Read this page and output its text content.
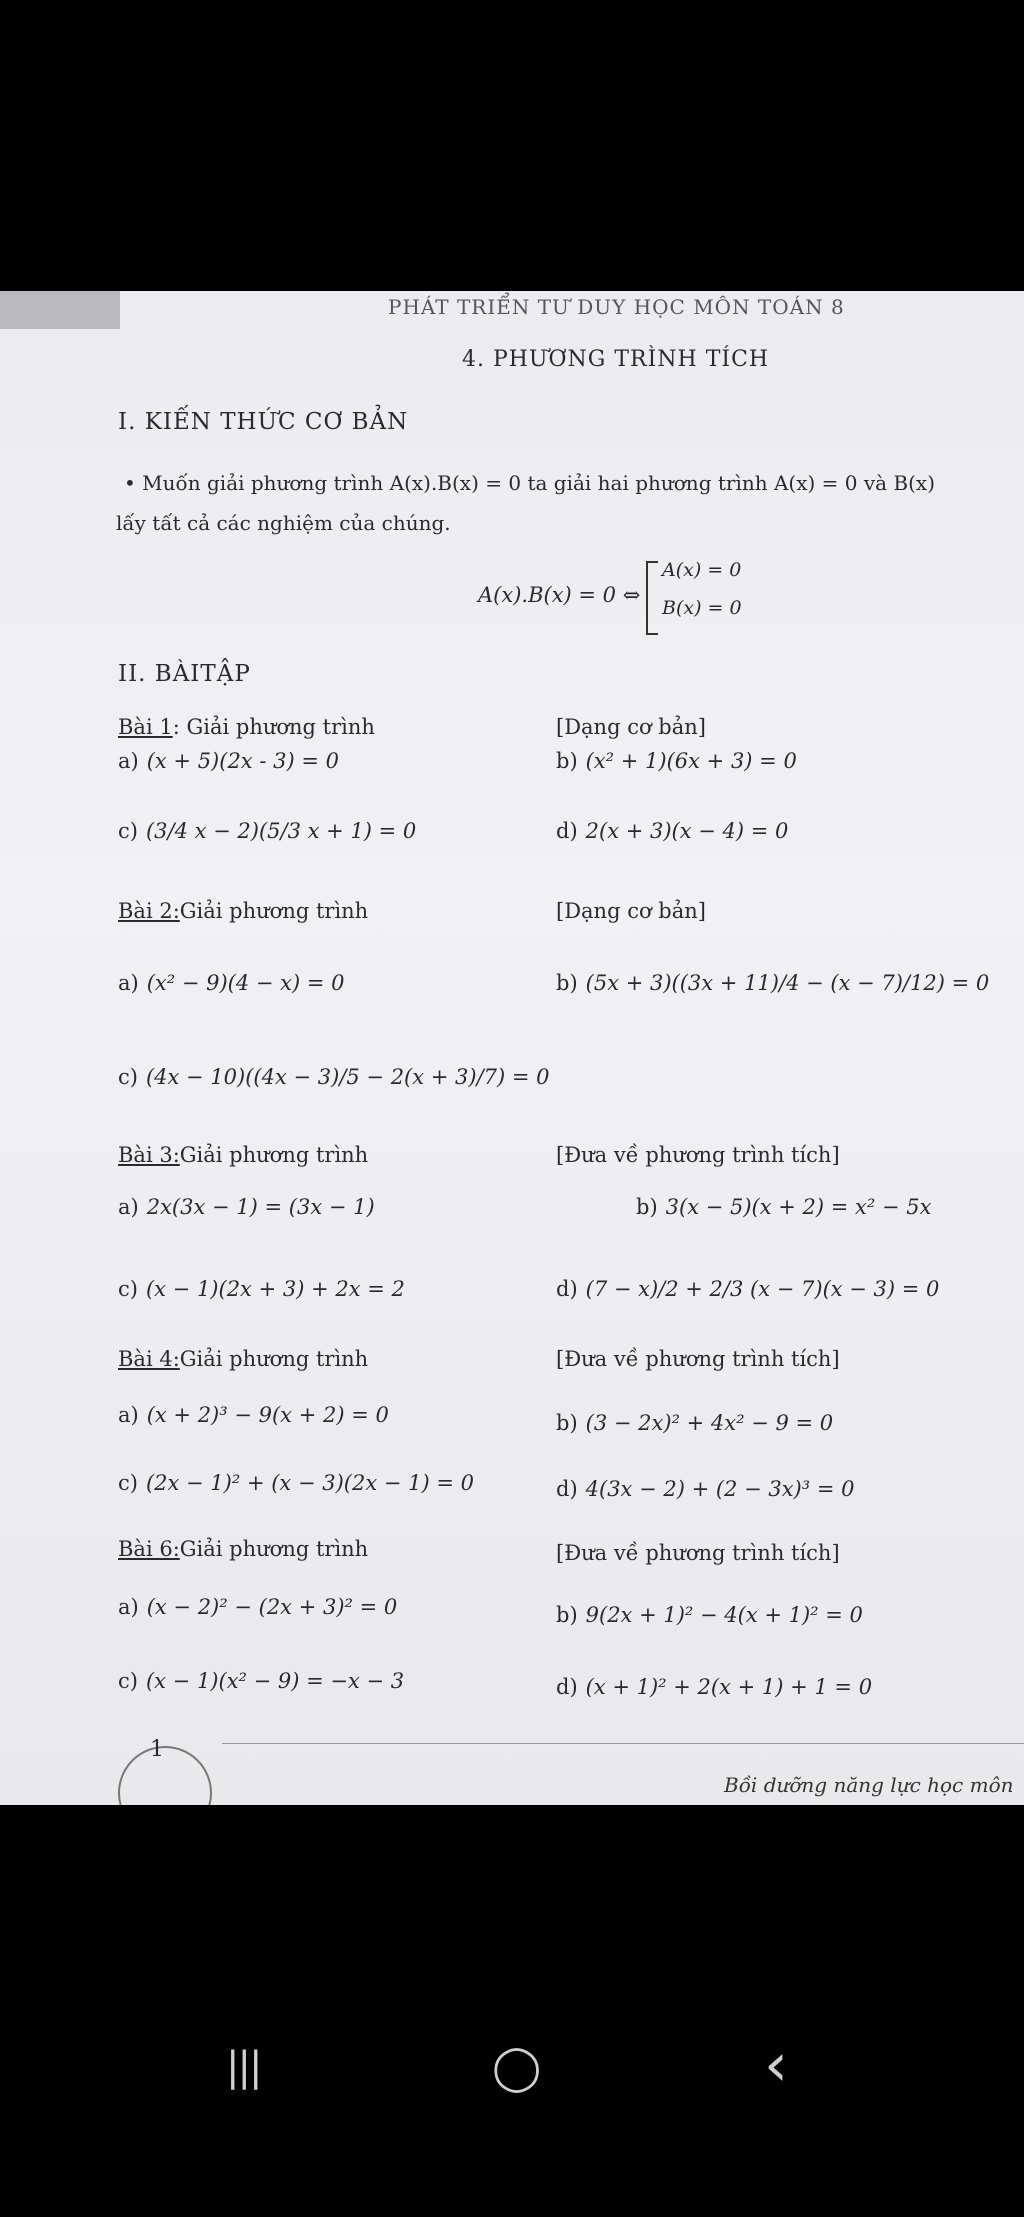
PHÁT TRIỂN TƯ DUY HỌC MÔN TOÁN 8
4. PHƯƠNG TRÌNH TÍCH
I. KIẾN THỨC CƠ BẢN
• Muốn giải phương trình A(x).B(x) = 0 ta giải hai phương trình A(x) = 0 và B(x)
lấy tất cả các nghiệm của chúng.
A(x).B(x) = 0 ⇔
A(x) = 0
B(x) = 0
II. BÀITẬP
Bài 1: Giải phương trình	[Dạng cơ bản]
a) (x + 5)(2x - 3) = 0	b) (x² + 1)(6x + 3) = 0
c) (3/4 x − 2)(5/3 x + 1) = 0	d) 2(x + 3)(x − 4) = 0
Bài 2:Giải phương trình	[Dạng cơ bản]
a) (x² − 9)(4 − x) = 0	b) (5x + 3)((3x + 11)/4 − (x − 7)/12) = 0
c) (4x − 10)((4x − 3)/5 − 2(x + 3)/7) = 0
Bài 3:Giải phương trình	[Đưa về phương trình tích]
a) 2x(3x − 1) = (3x − 1)	b) 3(x − 5)(x + 2) = x² − 5x
c) (x − 1)(2x + 3) + 2x = 2	d) (7 − x)/2 + 2/3 (x − 7)(x − 3) = 0
Bài 4:Giải phương trình	[Đưa về phương trình tích]
a) (x + 2)³ − 9(x + 2) = 0	b) (3 − 2x)² + 4x² − 9 = 0
c) (2x − 1)² + (x − 3)(2x − 1) = 0	d) 4(3x − 2) + (2 − 3x)³ = 0
Bài 6:Giải phương trình	[Đưa về phương trình tích]
a) (x − 2)² − (2x + 3)² = 0	b) 9(2x + 1)² − 4(x + 1)² = 0
c) (x − 1)(x² − 9) = −x − 3	d) (x + 1)² + 2(x + 1) + 1 = 0
1
Bồi dưỡng năng lực học môn
|||	◯	‹
